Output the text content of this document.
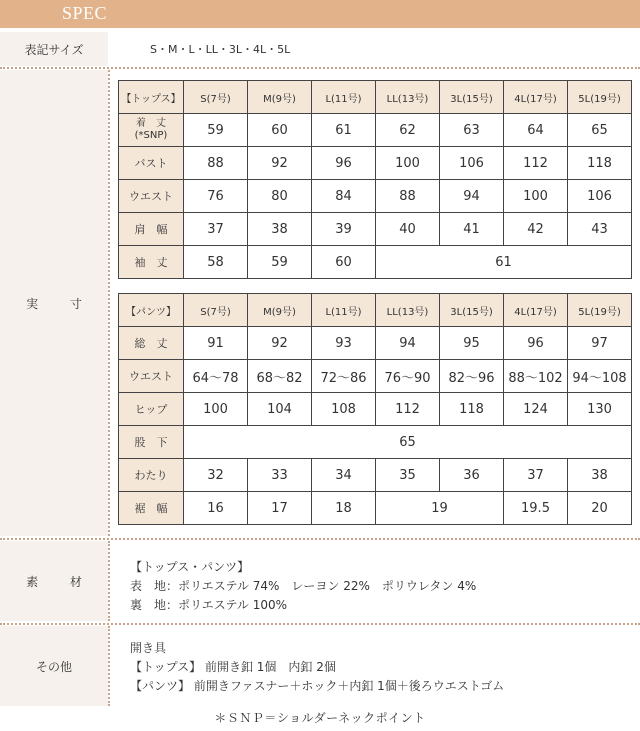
SPEC
表記サイズ	S・M・L・LL・3L・4L・5L
実 寸
【トップス】	S(7号)	M(9号)	L(11号)	LL(13号)	3L(15号)	4L(17号)	5L(19号)

着　丈
(*SNP)	59	60	61	62	63	64	65

バスト	88	92	96	100	106	112	118

ウエスト	76	80	84	88	94	100	106

肩　幅	37	38	39	40	41	42	43

袖　丈	58	59	60	61			
【パンツ】	S(7号)	M(9号)	L(11号)	LL(13号)	3L(15号)	4L(17号)	5L(19号)

総　丈	91	92	93	94	95	96	97

ウエスト	64〜78	68〜82	72〜86	76〜90	82〜96	88〜102	94〜108

ヒップ	100	104	108	112	118	124	130

股　下	65						

わたり	32	33	34	35	36	37	38

裾　幅	16	17	18	19		19.5	20
素 材
【トップス・パンツ】
表　地：ポリエステル 74%　レーヨン 22%　ポリウレタン 4%
裏　地：ポリエステル 100%
その他
開き具
【トップス】 前開き釦 1個　内釦 2個
【パンツ】 前開きファスナー＋ホック＋内釦 1個＋後ろウエストゴム
＊ＳＮＰ＝ショルダーネックポイント
